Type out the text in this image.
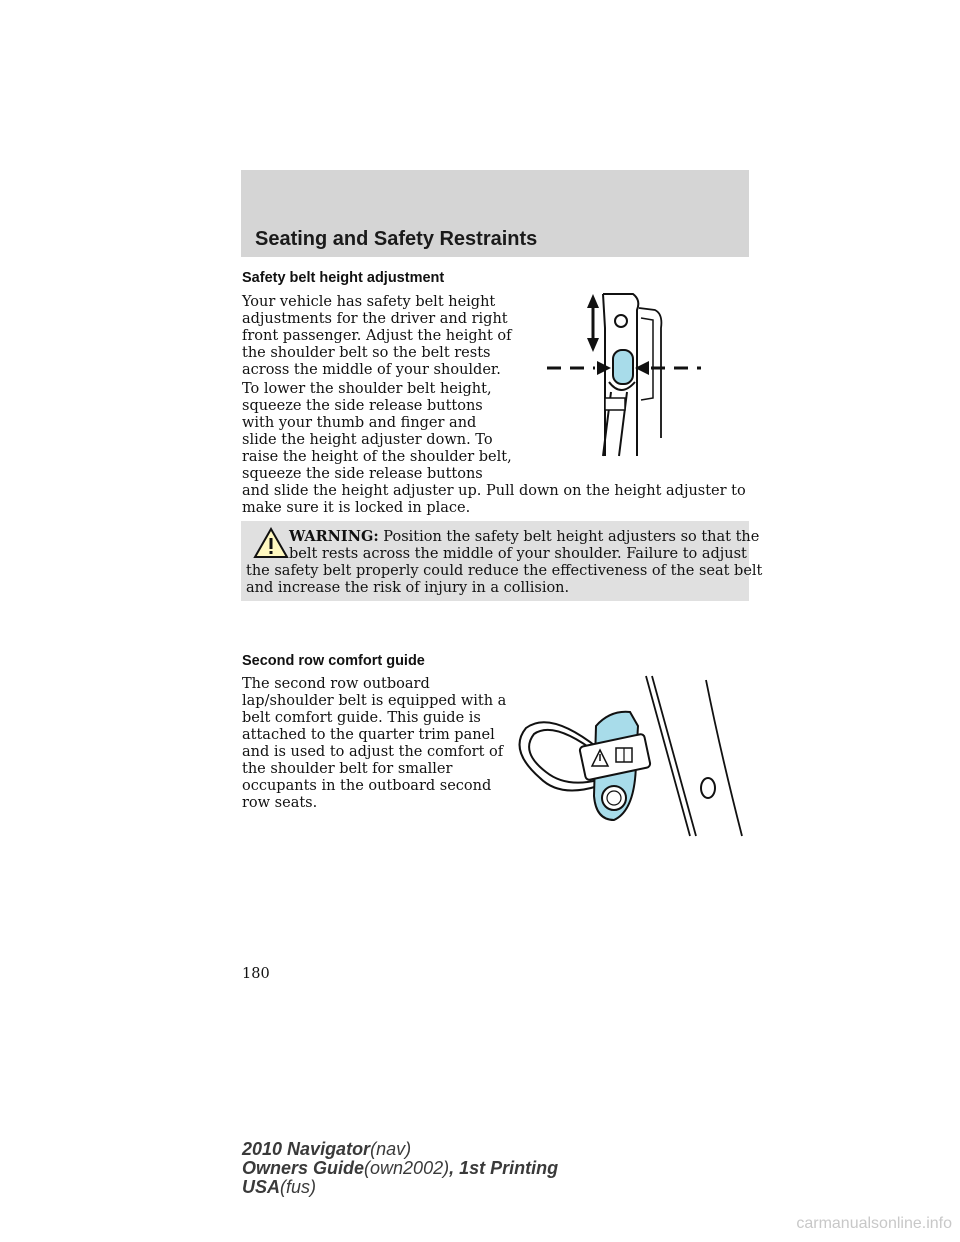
Seating and Safety Restraints
Safety belt height adjustment
Your vehicle has safety belt height
adjustments for the driver and right
front passenger. Adjust the height of
the shoulder belt so the belt rests
across the middle of your shoulder.
To lower the shoulder belt height,
squeeze the side release buttons
with your thumb and finger and
slide the height adjuster down. To
raise the height of the shoulder belt,
squeeze the side release buttons
and slide the height adjuster up. Pull down on the height adjuster to
make sure it is locked in place.
WARNING: Position the safety belt height adjusters so that the
belt rests across the middle of your shoulder. Failure to adjust
the safety belt properly could reduce the effectiveness of the seat belt
and increase the risk of injury in a collision.
Second row comfort guide
The second row outboard
lap/shoulder belt is equipped with a
belt comfort guide. This guide is
attached to the quarter trim panel
and is used to adjust the comfort of
the shoulder belt for smaller
occupants in the outboard second
row seats.
180
2010 Navigator(nav)
Owners Guide(own2002), 1st Printing
USA(fus)
carmanualsonline.info
